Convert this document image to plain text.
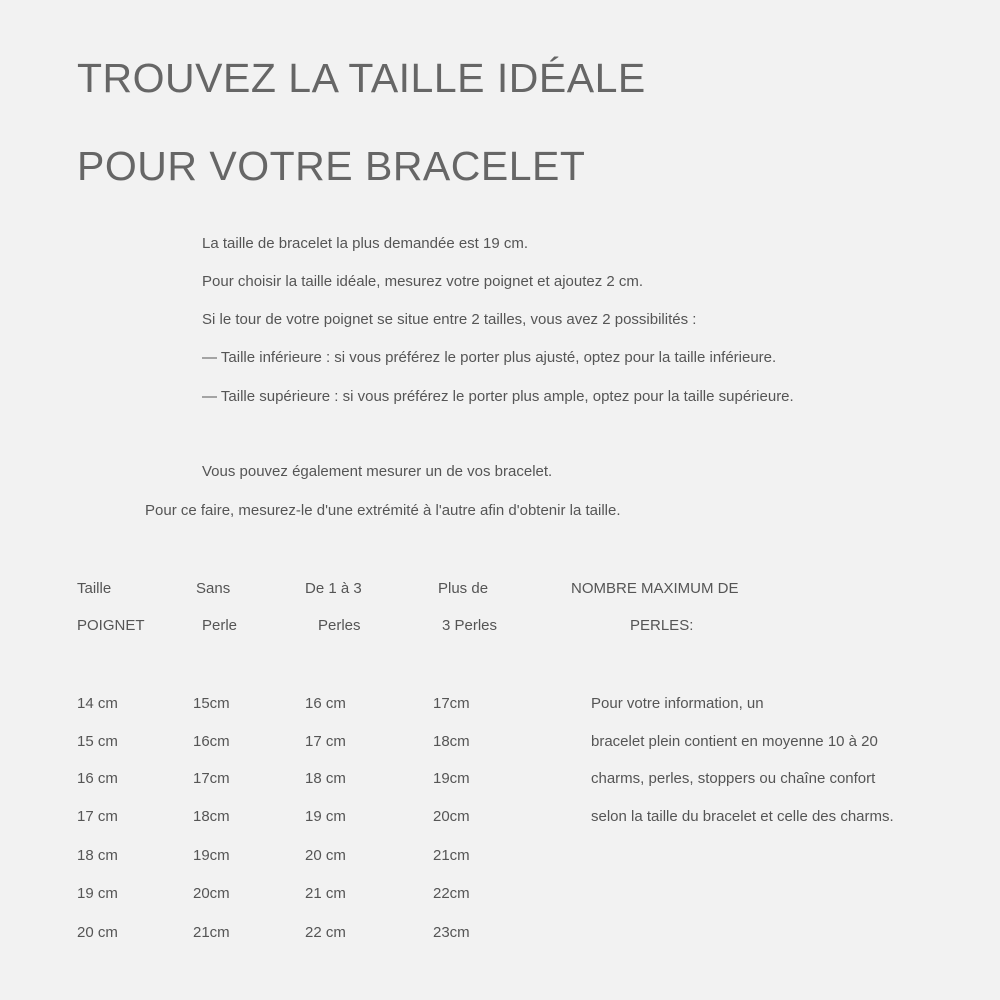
TROUVEZ LA TAILLE IDÉALE
POUR VOTRE BRACELET

La taille de bracelet la plus demandée est 19 cm.

Pour choisir la taille idéale, mesurez votre poignet et ajoutez 2 cm.

Si le tour de votre poignet se situe entre 2 tailles, vous avez 2 possibilités :

— Taille inférieure : si vous préférez le porter plus ajusté, optez pour la taille inférieure.

— Taille supérieure : si vous préférez le porter plus ample, optez pour la taille supérieure.

Vous pouvez également mesurer un de vos bracelet.

Pour ce faire, mesurez-le d'une extrémité à l'autre afin d'obtenir la taille.

Taille	Sans	De 1 à 3	Plus de	NOMBRE MAXIMUM DE
POIGNET	Perle	Perles	3 Perles	PERLES:
14 cm	15cm	16 cm	17cm
15 cm	16cm	17 cm	18cm
16 cm	17cm	18 cm	19cm
17 cm	18cm	19 cm	20cm
18 cm	19cm	20 cm	21cm
19 cm	20cm	21 cm	22cm
20 cm	21cm	22 cm	23cm
Pour votre information, un
bracelet plein contient en moyenne 10 à 20
charms, perles, stoppers ou chaîne confort
selon la taille du bracelet et celle des charms.
